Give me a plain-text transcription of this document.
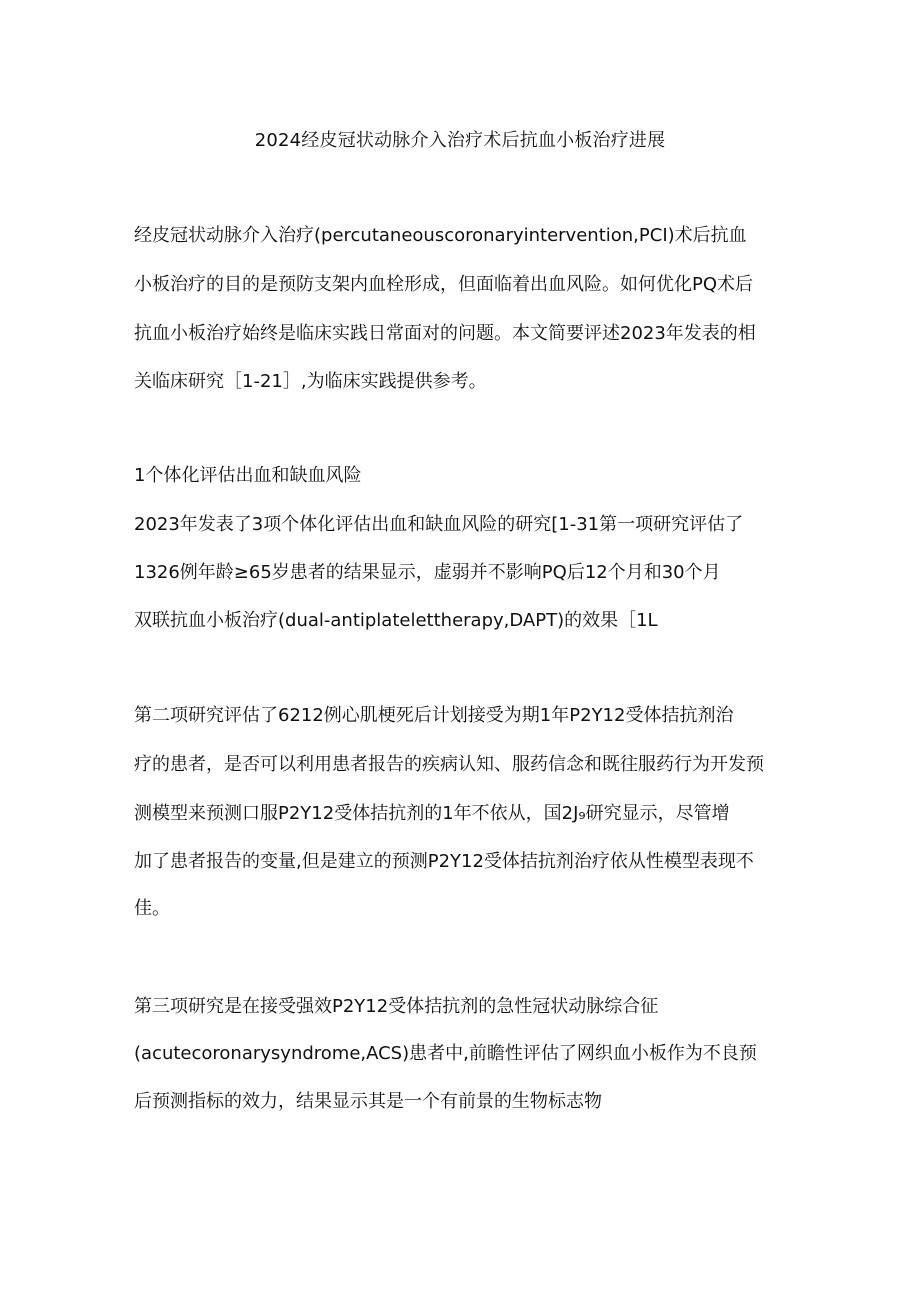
2024经皮冠状动脉介入治疗术后抗血小板治疗进展
经皮冠状动脉介入治疗(percutaneouscoronaryintervention,PCI)术后抗血
小板治疗的目的是预防支架内血栓形成，但面临着出血风险。如何优化PQ术后
抗血小板治疗始终是临床实践日常面对的问题。本文简要评述2023年发表的相
关临床研究［1-21］,为临床实践提供参考。
1个体化评估出血和缺血风险
2023年发表了3项个体化评估出血和缺血风险的研究[1-31第一项研究评估了
1326例年龄≥65岁患者的结果显示，虚弱并不影响PQ后12个月和30个月
双联抗血小板治疗(dual-antiplatelettherapy,DAPT)的效果［1L
第二项研究评估了6212例心肌梗死后计划接受为期1年P2Y12受体拮抗剂治
疗的患者，是否可以利用患者报告的疾病认知、服药信念和既往服药行为开发预
测模型来预测口服P2Y12受体拮抗剂的1年不依从，国2J₉研究显示，尽管增
加了患者报告的变量,但是建立的预测P2Y12受体拮抗剂治疗依从性模型表现不
佳。
第三项研究是在接受强效P2Y12受体拮抗剂的急性冠状动脉综合征
(acutecoronarysyndrome,ACS)患者中,前瞻性评估了网织血小板作为不良预
后预测指标的效力，结果显示其是一个有前景的生物标志物
